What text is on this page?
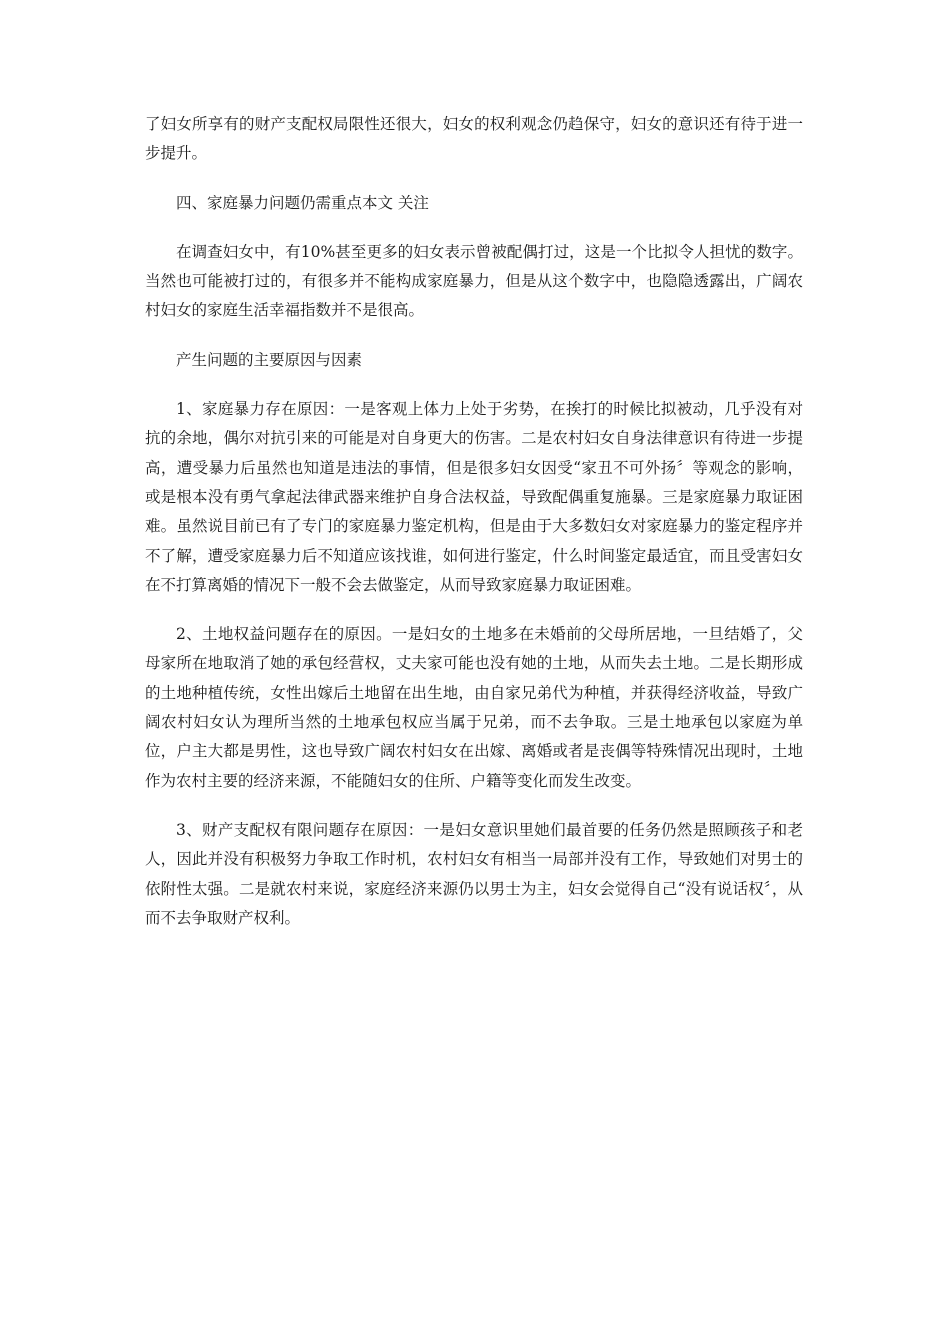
了妇女所享有的财产支配权局限性还很大，妇女的权利观念仍趋保守，妇女的意识还有待于进一步提升。

四、家庭暴力问题仍需重点本文 关注

在调查妇女中，有10%甚至更多的妇女表示曾被配偶打过，这是一个比拟令人担忧的数字。当然也可能被打过的，有很多并不能构成家庭暴力，但是从这个数字中，也隐隐透露出，广阔农村妇女的家庭生活幸福指数并不是很高。

产生问题的主要原因与因素

1、家庭暴力存在原因：一是客观上体力上处于劣势，在挨打的时候比拟被动，几乎没有对抗的余地，偶尔对抗引来的可能是对自身更大的伤害。二是农村妇女自身法律意识有待进一步提高，遭受暴力后虽然也知道是违法的事情，但是很多妇女因受“家丑不可外扬〞等观念的影响，或是根本没有勇气拿起法律武器来维护自身合法权益，导致配偶重复施暴。三是家庭暴力取证困难。虽然说目前已有了专门的家庭暴力鉴定机构，但是由于大多数妇女对家庭暴力的鉴定程序并不了解，遭受家庭暴力后不知道应该找谁，如何进行鉴定，什么时间鉴定最适宜，而且受害妇女在不打算离婚的情况下一般不会去做鉴定，从而导致家庭暴力取证困难。

2、土地权益问题存在的原因。一是妇女的土地多在未婚前的父母所居地，一旦结婚了，父母家所在地取消了她的承包经营权，丈夫家可能也没有她的土地，从而失去土地。二是长期形成的土地种植传统，女性出嫁后土地留在出生地，由自家兄弟代为种植，并获得经济收益，导致广阔农村妇女认为理所当然的土地承包权应当属于兄弟，而不去争取。三是土地承包以家庭为单位，户主大都是男性，这也导致广阔农村妇女在出嫁、离婚或者是丧偶等特殊情况出现时，土地作为农村主要的经济来源，不能随妇女的住所、户籍等变化而发生改变。

3、财产支配权有限问题存在原因：一是妇女意识里她们最首要的任务仍然是照顾孩子和老人，因此并没有积极努力争取工作时机，农村妇女有相当一局部并没有工作，导致她们对男士的依附性太强。二是就农村来说，家庭经济来源仍以男士为主，妇女会觉得自己“没有说话权〞，从而不去争取财产权利。
